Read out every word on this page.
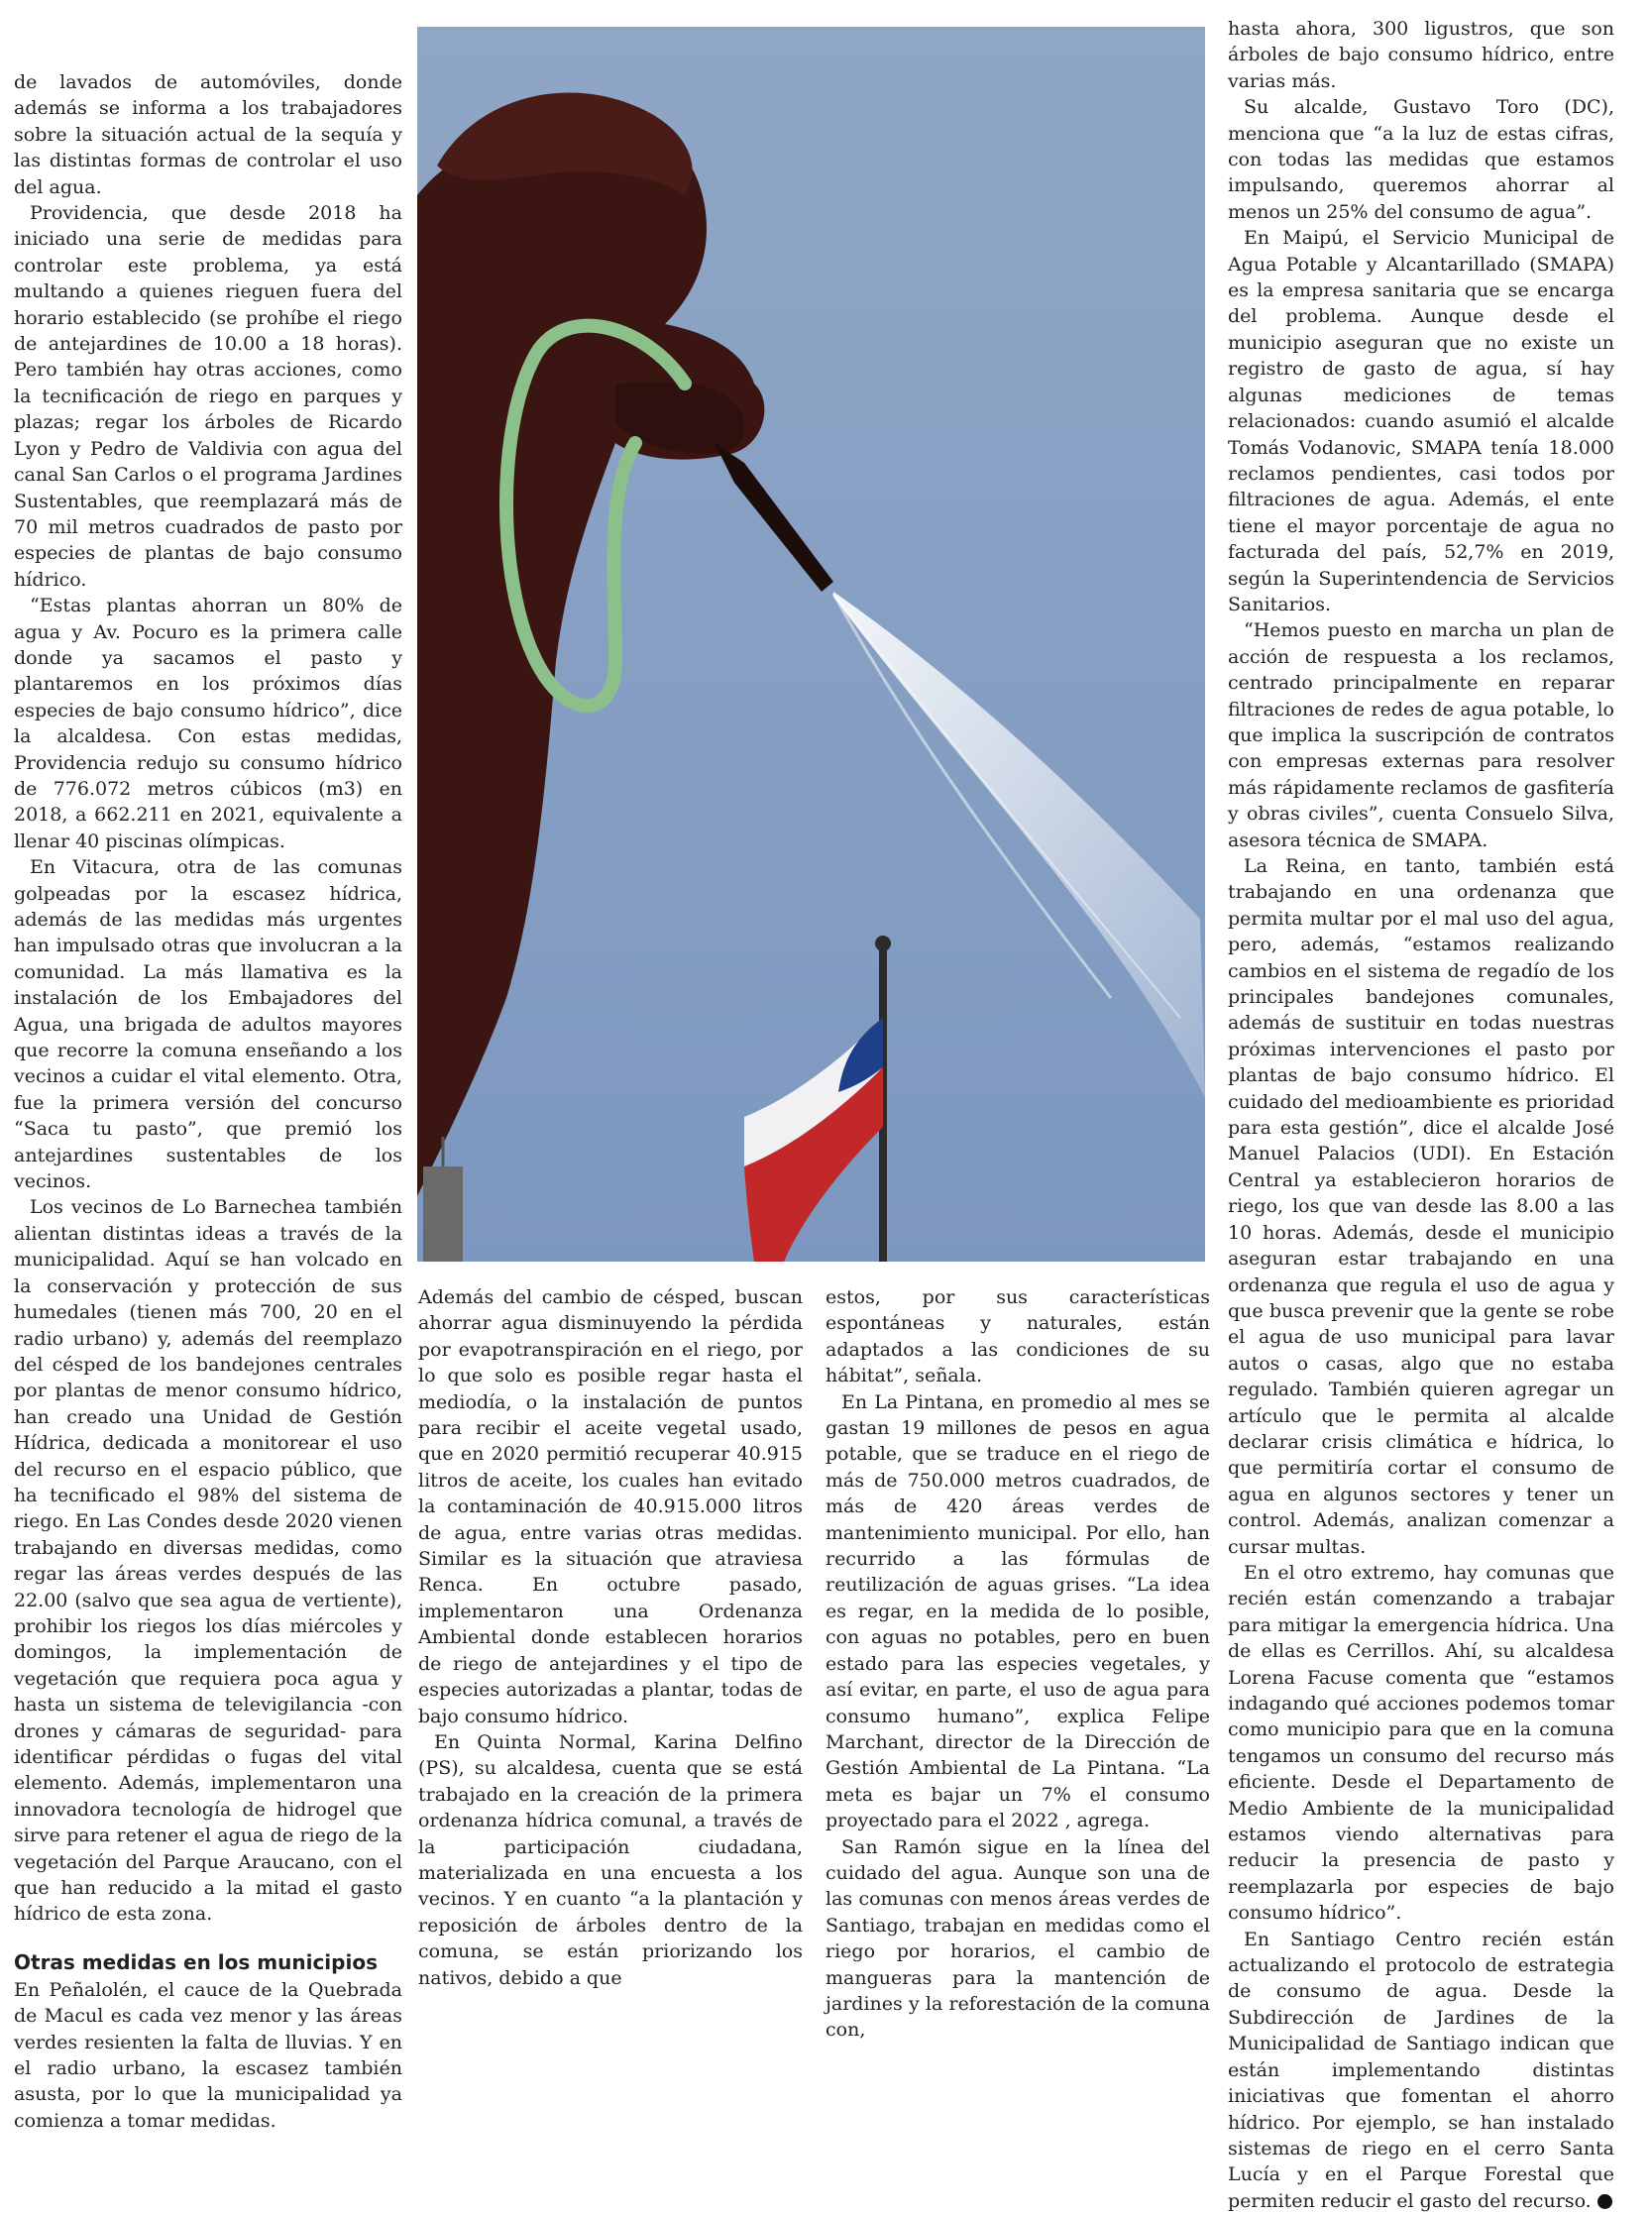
de lavados de automóviles, donde además se informa a los trabajadores sobre la situación actual de la sequía y las distintas formas de controlar el uso del agua.

Providencia, que desde 2018 ha iniciado una serie de medidas para controlar este problema, ya está multando a quienes rieguen fuera del horario establecido (se prohíbe el riego de antejardines de 10.00 a 18 horas). Pero también hay otras acciones, como la tecnificación de riego en parques y plazas; regar los árboles de Ricardo Lyon y Pedro de Valdivia con agua del canal San Carlos o el programa Jardines Sustentables, que reemplazará más de 70 mil metros cuadrados de pasto por especies de plantas de bajo consumo hídrico.

“Estas plantas ahorran un 80% de agua y Av. Pocuro es la primera calle donde ya sacamos el pasto y plantaremos en los próximos días especies de bajo consumo hídrico”, dice la alcaldesa. Con estas medidas, Providencia redujo su consumo hídrico de 776.072 metros cúbicos (m3) en 2018, a 662.211 en 2021, equivalente a llenar 40 piscinas olímpicas.

En Vitacura, otra de las comunas golpeadas por la escasez hídrica, además de las medidas más urgentes han impulsado otras que involucran a la comunidad. La más llamativa es la instalación de los Embajadores del Agua, una brigada de adultos mayores que recorre la comuna enseñando a los vecinos a cuidar el vital elemento. Otra, fue la primera versión del concurso “Saca tu pasto”, que premió los antejardines sustentables de los vecinos.

Los vecinos de Lo Barnechea también alientan distintas ideas a través de la municipalidad. Aquí se han volcado en la conservación y protección de sus humedales (tienen más 700, 20 en el radio urbano) y, además del reemplazo del césped de los bandejones centrales por plantas de menor consumo hídrico, han creado una Unidad de Gestión Hídrica, dedicada a monitorear el uso del recurso en el espacio público, que ha tecnificado el 98% del sistema de riego. En Las Condes desde 2020 vienen trabajando en diversas medidas, como regar las áreas verdes después de las 22.00 (salvo que sea agua de vertiente), prohibir los riegos los días miércoles y domingos, la implementación de vegetación que requiera poca agua y hasta un sistema de televigilancia -con drones y cámaras de seguridad- para identificar pérdidas o fugas del vital elemento. Además, implementaron una innovadora tecnología de hidrogel que sirve para retener el agua de riego de la vegetación del Parque Araucano, con el que han reducido a la mitad el gasto hídrico de esta zona.

Otras medidas en los municipios

En Peñalolén, el cauce de la Quebrada de Macul es cada vez menor y las áreas verdes resienten la falta de lluvias. Y en el radio urbano, la escasez también asusta, por lo que la municipalidad ya comienza a tomar medidas.

Además del cambio de césped, buscan ahorrar agua disminuyendo la pérdida por evapotranspiración en el riego, por lo que solo es posible regar hasta el mediodía, o la instalación de puntos para recibir el aceite vegetal usado, que en 2020 permitió recuperar 40.915 litros de aceite, los cuales han evitado la contaminación de 40.915.000 litros de agua, entre varias otras medidas. Similar es la situación que atraviesa Renca. En octubre pasado, implementaron una Ordenanza Ambiental donde establecen horarios de riego de antejardines y el tipo de especies autorizadas a plantar, todas de bajo consumo hídrico.

En Quinta Normal, Karina Delfino (PS), su alcaldesa, cuenta que se está trabajado en la creación de la primera ordenanza hídrica comunal, a través de la participación ciudadana, materializada en una encuesta a los vecinos. Y en cuanto “a la plantación y reposición de árboles dentro de la comuna, se están priorizando los nativos, debido a que

estos, por sus características espontáneas y naturales, están adaptados a las condiciones de su hábitat”, señala.

En La Pintana, en promedio al mes se gastan 19 millones de pesos en agua potable, que se traduce en el riego de más de 750.000 metros cuadrados, de más de 420 áreas verdes de mantenimiento municipal. Por ello, han recurrido a las fórmulas de reutilización de aguas grises. “La idea es regar, en la medida de lo posible, con aguas no potables, pero en buen estado para las especies vegetales, y así evitar, en parte, el uso de agua para consumo humano”, explica Felipe Marchant, director de la Dirección de Gestión Ambiental de La Pintana. “La meta es bajar un 7% el consumo proyectado para el 2022 , agrega.

San Ramón sigue en la línea del cuidado del agua. Aunque son una de las comunas con menos áreas verdes de Santiago, trabajan en medidas como el riego por horarios, el cambio de mangueras para la mantención de jardines y la reforestación de la comuna con,

hasta ahora, 300 ligustros, que son árboles de bajo consumo hídrico, entre varias más.

Su alcalde, Gustavo Toro (DC), menciona que “a la luz de estas cifras, con todas las medidas que estamos impulsando, queremos ahorrar al menos un 25% del consumo de agua”.

En Maipú, el Servicio Municipal de Agua Potable y Alcantarillado (SMAPA) es la empresa sanitaria que se encarga del problema. Aunque desde el municipio aseguran que no existe un registro de gasto de agua, sí hay algunas mediciones de temas relacionados: cuando asumió el alcalde Tomás Vodanovic, SMAPA tenía 18.000 reclamos pendientes, casi todos por filtraciones de agua. Además, el ente tiene el mayor porcentaje de agua no facturada del país, 52,7% en 2019, según la Superintendencia de Servicios Sanitarios.

“Hemos puesto en marcha un plan de acción de respuesta a los reclamos, centrado principalmente en reparar filtraciones de redes de agua potable, lo que implica la suscripción de contratos con empresas externas para resolver más rápidamente reclamos de gasfitería y obras civiles”, cuenta Consuelo Silva, asesora técnica de SMAPA.

La Reina, en tanto, también está trabajando en una ordenanza que permita multar por el mal uso del agua, pero, además, “estamos realizando cambios en el sistema de regadío de los principales bandejones comunales, además de sustituir en todas nuestras próximas intervenciones el pasto por plantas de bajo consumo hídrico. El cuidado del medioambiente es prioridad para esta gestión”, dice el alcalde José Manuel Palacios (UDI). En Estación Central ya establecieron horarios de riego, los que van desde las 8.00 a las 10 horas. Además, desde el municipio aseguran estar trabajando en una ordenanza que regula el uso de agua y que busca prevenir que la gente se robe el agua de uso municipal para lavar autos o casas, algo que no estaba regulado. También quieren agregar un artículo que le permita al alcalde declarar crisis climática e hídrica, lo que permitiría cortar el consumo de agua en algunos sectores y tener un control. Además, analizan comenzar a cursar multas.

En el otro extremo, hay comunas que recién están comenzando a trabajar para mitigar la emergencia hídrica. Una de ellas es Cerrillos. Ahí, su alcaldesa Lorena Facuse comenta que “estamos indagando qué acciones podemos tomar como municipio para que en la comuna tengamos un consumo del recurso más eficiente. Desde el Departamento de Medio Ambiente de la municipalidad estamos viendo alternativas para reducir la presencia de pasto y reemplazarla por especies de bajo consumo hídrico”.

En Santiago Centro recién están actualizando el protocolo de estrategia de consumo de agua. Desde la Subdirección de Jardines de la Municipalidad de Santiago indican que están implementando distintas iniciativas que fomentan el ahorro hídrico. Por ejemplo, se han instalado sistemas de riego en el cerro Santa Lucía y en el Parque Forestal que permiten reducir el gasto del recurso.
